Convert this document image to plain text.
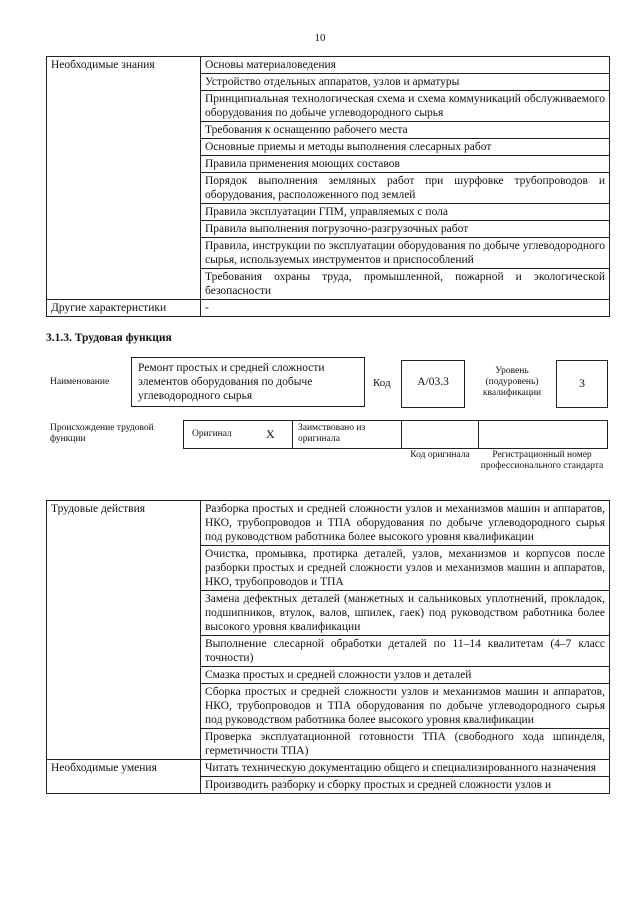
10
Необходимые знания	Основы материаловедения
	Устройство отдельных аппаратов, узлов и арматуры
	Принципиальная технологическая схема и схема коммуникаций обслуживаемого оборудования по добыче углеводородного сырья
	Требования к оснащению рабочего места
	Основные приемы и методы выполнения слесарных работ
	Правила применения моющих составов
	Порядок выполнения земляных работ при шурфовке трубопроводов и оборудования, расположенного под землей
	Правила эксплуатации ГПМ, управляемых с пола
	Правила выполнения погрузочно-разгрузочных работ
	Правила, инструкции по эксплуатации оборудования по добыче углеводородного сырья, используемых инструментов и приспособлений
	Требования охраны труда, промышленной, пожарной и экологической безопасности
Другие характеристики	-
3.1.3. Трудовая функция
Наименование
Ремонт простых и средней сложности элементов оборудования по добыче углеводородного сырья
Код	A/03.3
Уровень (подуровень) квалификации
3
Происхождение трудовой функции	Оригинал	X Заимствовано из оригинала
Код оригинала	Регистрационный номер профессионального стандарта
Трудовые действия	Разборка простых и средней сложности узлов и механизмов машин и аппаратов, НКО, трубопроводов и ТПА оборудования по добыче углеводородного сырья под руководством работника более высокого уровня квалификации
	Очистка, промывка, протирка деталей, узлов, механизмов и корпусов после разборки простых и средней сложности узлов и механизмов машин и аппаратов, НКО, трубопроводов и ТПА
	Замена дефектных деталей (манжетных и сальниковых уплотнений, прокладок, подшипников, втулок, валов, шпилек, гаек) под руководством работника более высокого уровня квалификации
	Выполнение слесарной обработки деталей по 11–14 квалитетам (4–7 класс точности)
	Смазка простых и средней сложности узлов и деталей
	Сборка простых и средней сложности узлов и механизмов машин и аппаратов, НКО, трубопроводов и ТПА оборудования по добыче углеводородного сырья под руководством работника более высокого уровня квалификации
	Проверка эксплуатационной готовности ТПА (свободного хода шпинделя, герметичности ТПА)
Необходимые умения	Читать техническую документацию общего и специализированного назначения
	Производить разборку и сборку простых и средней сложности узлов и
